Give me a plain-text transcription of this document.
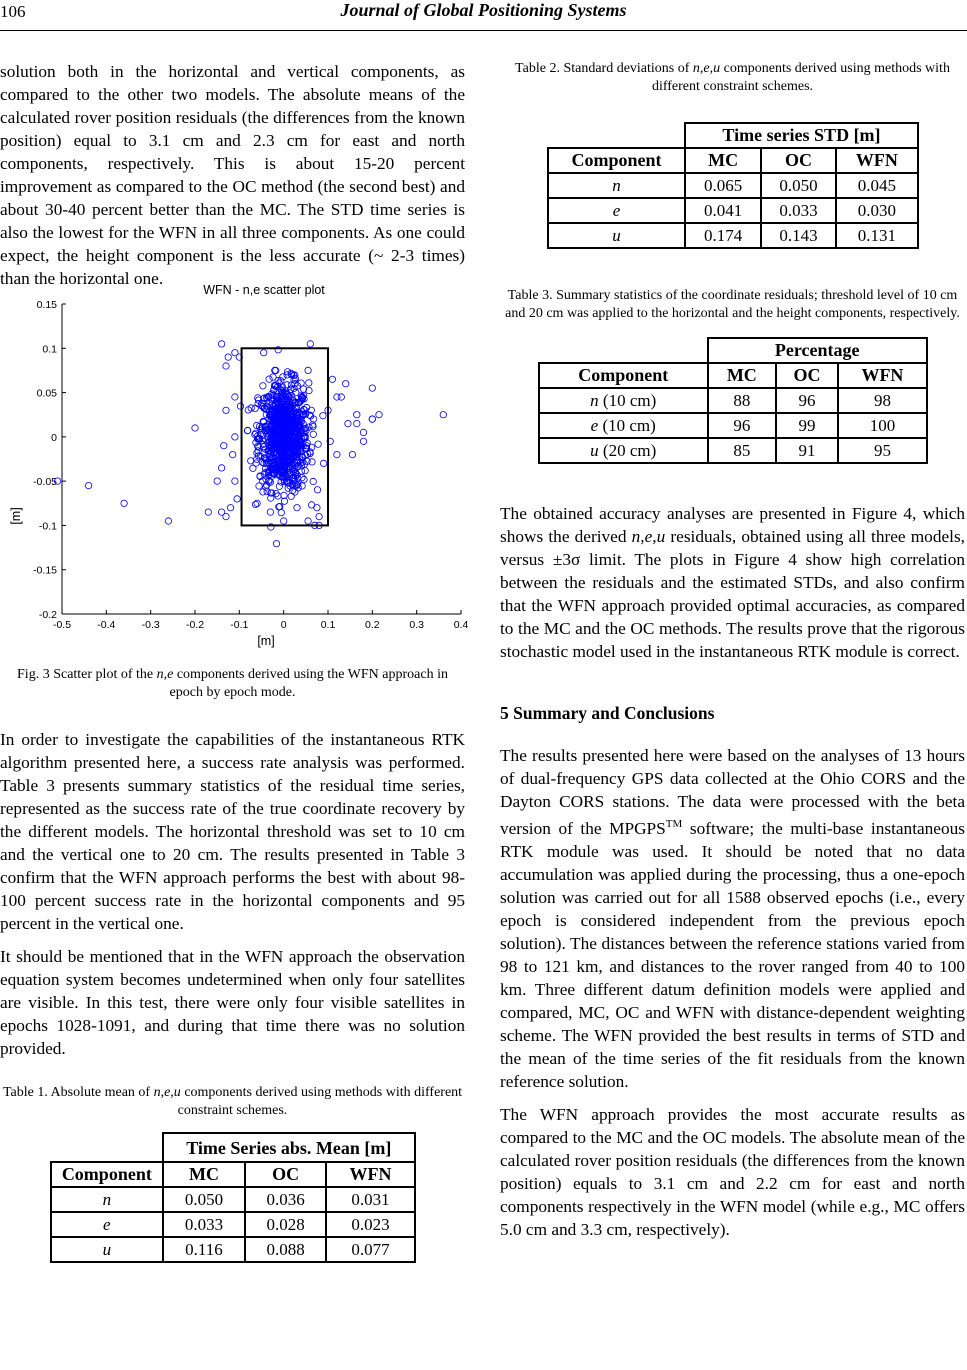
106	Journal of Global Positioning Systems

solution both in the horizontal and vertical components, as compared to the other two models. The absolute means of the calculated rover position residuals (the differences from the known position) equal to 3.1 cm and 2.3 cm for east and north components, respectively. This is about 15-20 percent improvement as compared to the OC method (the second best) and about 30-40 percent better than the MC. The STD time series is also the lowest for the WFN in all three components. As one could expect, the height component is the less accurate (~ 2-3 times) than the horizontal one.

WFN - n,e scatter plot
-0.5 -0.4 -0.3 -0.2 -0.1	0	0.1	0.2	0.3	0.4
0.15
0.1
0.05
0
-0.05
-0.1
-0.15
-0.2
[m]
[m]

Fig. 3 Scatter plot of the n,e components derived using the WFN approach in epoch by epoch mode.

In order to investigate the capabilities of the instantaneous RTK algorithm presented here, a success rate analysis was performed. Table 3 presents summary statistics of the residual time series, represented as the success rate of the true coordinate recovery by the different models. The horizontal threshold was set to 10 cm and the vertical one to 20 cm. The results presented in Table 3 confirm that the WFN approach performs the best with about 98-100 percent success rate in the horizontal components and 95 percent in the vertical one.

It should be mentioned that in the WFN approach the observation equation system becomes undetermined when only four satellites are visible. In this test, there were only four visible satellites in epochs 1028-1091, and during that time there was no solution provided.

Table 1. Absolute mean of n,e,u components derived using methods with different constraint schemes.

	Time Series abs. Mean [m]		
Component	MC	OC	WFN
n	0.050	0.036	0.031
e	0.033	0.028	0.023
u	0.116	0.088	0.077

Table 2. Standard deviations of n,e,u components derived using methods with different constraint schemes.

	Time series STD [m]		
Component	MC	OC	WFN
n	0.065	0.050	0.045
e	0.041	0.033	0.030
u	0.174	0.143	0.131

Table 3. Summary statistics of the coordinate residuals; threshold level of 10 cm and 20 cm was applied to the horizontal and the height components, respectively.

	Percentage		
Component	MC	OC	WFN
n (10 cm)	88	96	98
e (10 cm)	96	99	100
u (20 cm)	85	91	95

The obtained accuracy analyses are presented in Figure 4, which shows the derived n,e,u residuals, obtained using all three models, versus ±3σ limit. The plots in Figure 4 show high correlation between the residuals and the estimated STDs, and also confirm that the WFN approach provided optimal accuracies, as compared to the MC and the OC methods. The results prove that the rigorous stochastic model used in the instantaneous RTK module is correct.

5 Summary and Conclusions

The results presented here were based on the analyses of 13 hours of dual-frequency GPS data collected at the Ohio CORS and the Dayton CORS stations. The data were processed with the beta version of the MPGPS™ software; the multi-base instantaneous RTK module was used. It should be noted that no data accumulation was applied during the processing, thus a one-epoch solution was carried out for all 1588 observed epochs (i.e., every epoch is considered independent from the previous epoch solution). The distances between the reference stations varied from 98 to 121 km, and distances to the rover ranged from 40 to 100 km. Three different datum definition models were applied and compared, MC, OC and WFN with distance-dependent weighting scheme. The WFN provided the best results in terms of STD and the mean of the time series of the fit residuals from the known reference solution.

The WFN approach provides the most accurate results as compared to the MC and the OC models. The absolute mean of the calculated rover position residuals (the differences from the known position) equals to 3.1 cm and 2.2 cm for east and north components respectively in the WFN model (while e.g., MC offers 5.0 cm and 3.3 cm, respectively).
